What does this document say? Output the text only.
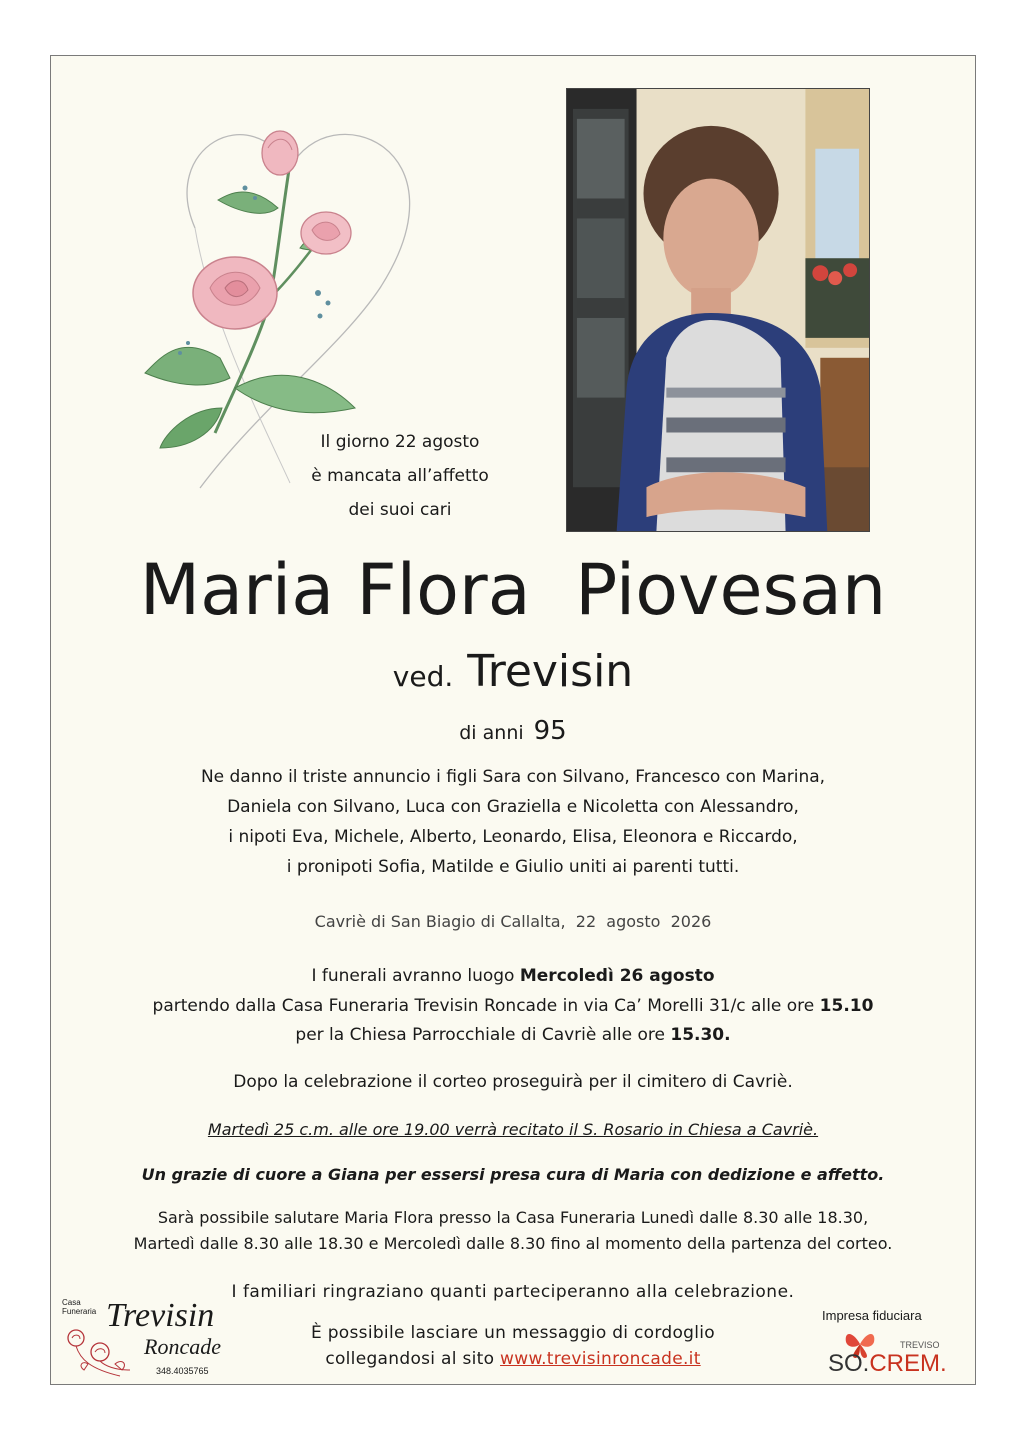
Il giorno 22 agosto
è mancata all’affetto
dei suoi cari
Maria Flora  Piovesan
ved. Trevisin
di anni 95
Ne danno il triste annuncio i figli Sara con Silvano, Francesco con Marina,
Daniela con Silvano, Luca con Graziella e Nicoletta con Alessandro,
i nipoti Eva, Michele, Alberto, Leonardo, Elisa, Eleonora e Riccardo,
i pronipoti Sofia, Matilde e Giulio uniti ai parenti tutti.
Cavriè di San Biagio di Callalta,  22  agosto  2026
I funerali avranno luogo Mercoledì 26 agosto
partendo dalla Casa Funeraria Trevisin Roncade in via Ca’ Morelli 31/c alle ore 15.10
per la Chiesa Parrocchiale di Cavriè alle ore 15.30.
Dopo la celebrazione il corteo proseguirà per il cimitero di Cavriè.
Martedì 25 c.m. alle ore 19.00 verrà recitato il S. Rosario in Chiesa a Cavriè.
Un grazie di cuore a Giana per essersi presa cura di Maria con dedizione e affetto.
Sarà possibile salutare Maria Flora presso la Casa Funeraria Lunedì dalle 8.30 alle 18.30,
Martedì dalle 8.30 alle 18.30 e Mercoledì dalle 8.30 fino al momento della partenza del corteo.
I familiari ringraziano quanti parteciperanno alla celebrazione.
È possibile lasciare un messaggio di cordoglio
collegandosi al sito www.trevisinroncade.it
Casa
Funeraria Trevisin
Roncade
348.4035765
Impresa fiduciara
TREVISO
SO.CREM.
